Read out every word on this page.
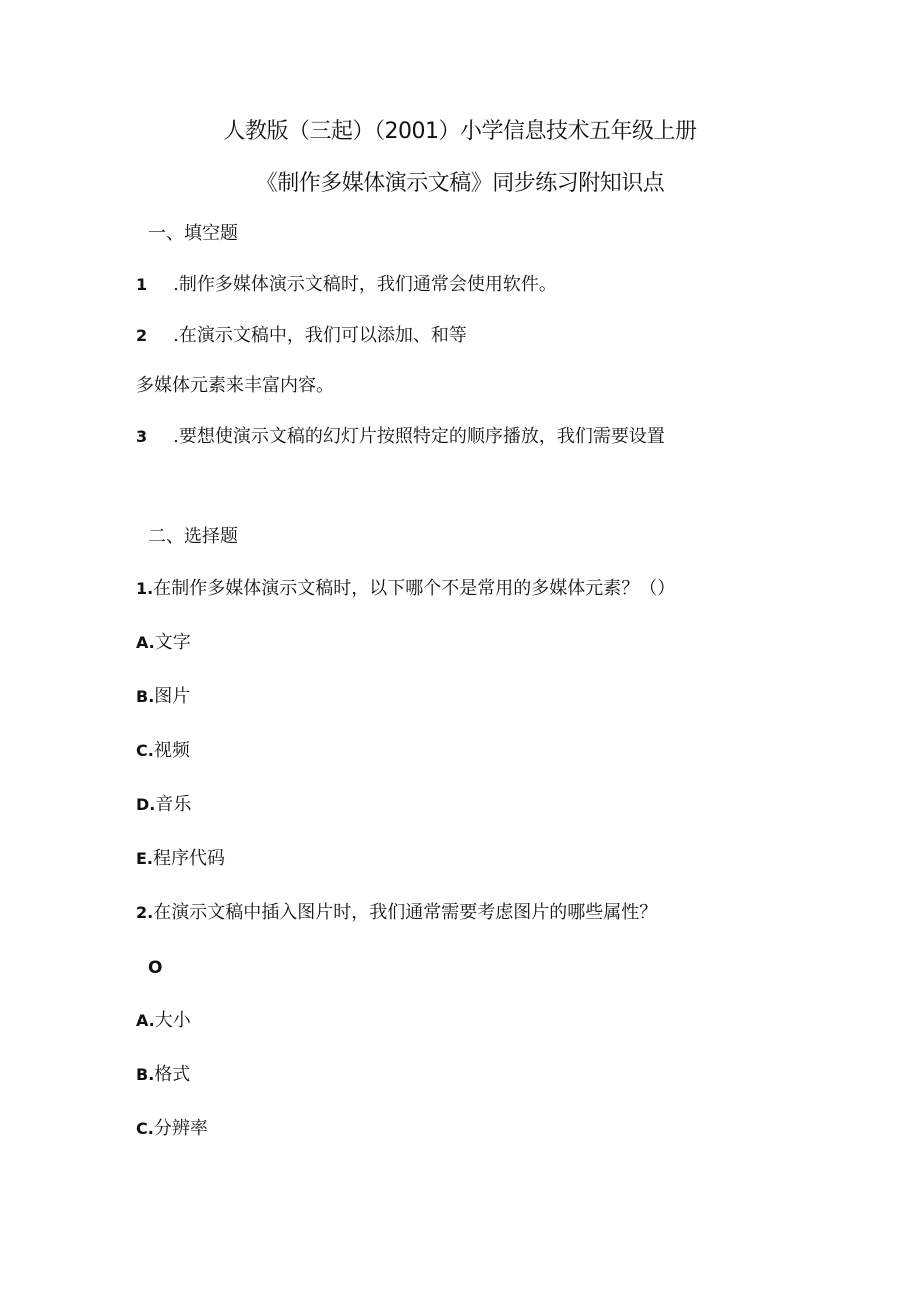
人教版（三起）（2001）小学信息技术五年级上册
《制作多媒体演示文稿》同步练习附知识点
一、填空题
1 .制作多媒体演示文稿时，我们通常会使用软件。
2 .在演示文稿中，我们可以添加、和等
多媒体元素来丰富内容。
3 .要想使演示文稿的幻灯片按照特定的顺序播放，我们需要设置
二、选择题
1.在制作多媒体演示文稿时，以下哪个不是常用的多媒体元素？（）
A.文字
B.图片
C.视频
D.音乐
E.程序代码
2.在演示文稿中插入图片时，我们通常需要考虑图片的哪些属性？
O
A.大小
B.格式
C.分辨率
